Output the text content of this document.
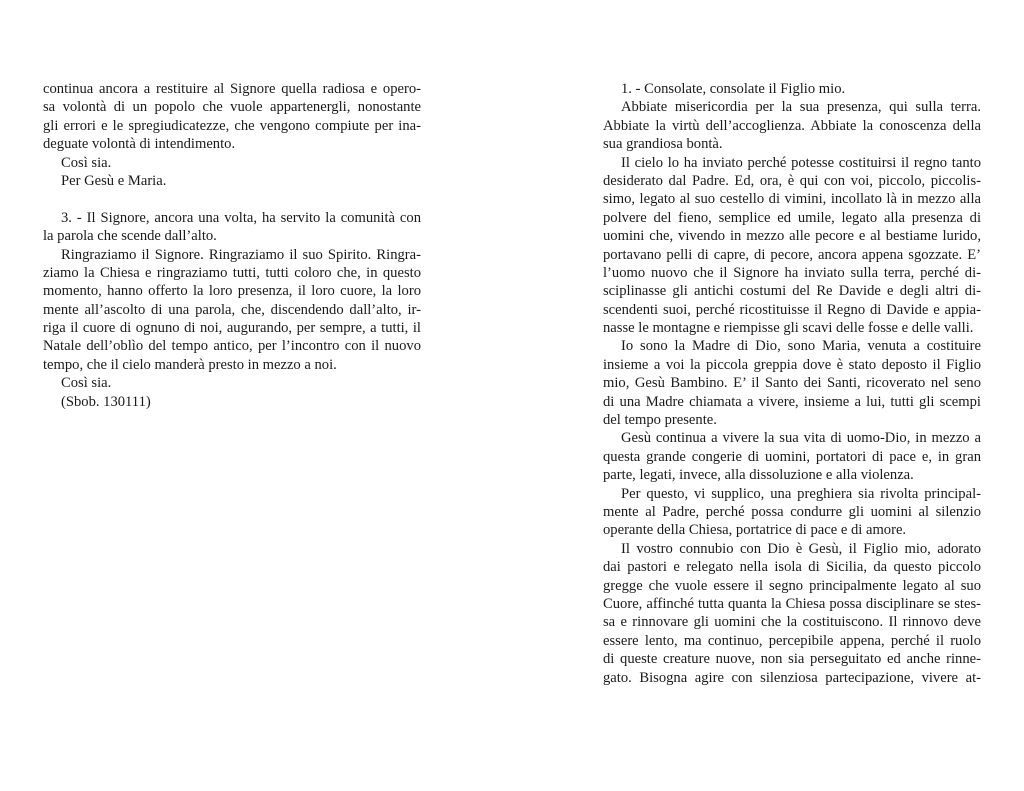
continua ancora a restituire al Signore quella radiosa e opero-
sa volontà di un popolo che vuole appartenergli, nonostante
gli errori e le spregiudicatezze, che vengono compiute per ina-
deguate volontà di intendimento.
Così sia.
Per Gesù e Maria.
3. - Il Signore, ancora una volta, ha servito la comunità con
la parola che scende dall’alto.
Ringraziamo il Signore. Ringraziamo il suo Spirito. Ringra-
ziamo la Chiesa e ringraziamo tutti, tutti coloro che, in questo
momento, hanno offerto la loro presenza, il loro cuore, la loro
mente all’ascolto di una parola, che, discendendo dall’alto, ir-
riga il cuore di ognuno di noi, augurando, per sempre, a tutti, il
Natale dell’oblìo del tempo antico, per l’incontro con il nuovo
tempo, che il cielo manderà presto in mezzo a noi.
Così sia.
(Sbob. 130111)
1. - Consolate, consolate il Figlio mio.
Abbiate misericordia per la sua presenza, qui sulla terra.
Abbiate la virtù dell’accoglienza. Abbiate la conoscenza della
sua grandiosa bontà.
Il cielo lo ha inviato perché potesse costituirsi il regno tanto
desiderato dal Padre. Ed, ora, è qui con voi, piccolo, piccolis-
simo, legato al suo cestello di vimini, incollato là in mezzo alla
polvere del fieno, semplice ed umile, legato alla presenza di
uomini che, vivendo in mezzo alle pecore e al bestiame lurido,
portavano pelli di capre, di pecore, ancora appena sgozzate. E’
l’uomo nuovo che il Signore ha inviato sulla terra, perché di-
sciplinasse gli antichi costumi del Re Davide e degli altri di-
scendenti suoi, perché ricostituisse il Regno di Davide e appia-
nasse le montagne e riempisse gli scavi delle fosse e delle valli.
Io sono la Madre di Dio, sono Maria, venuta a costituire
insieme a voi la piccola greppia dove è stato deposto il Figlio
mio, Gesù Bambino. E’ il Santo dei Santi, ricoverato nel seno
di una Madre chiamata a vivere, insieme a lui, tutti gli scempi
del tempo presente.
Gesù continua a vivere la sua vita di uomo-Dio, in mezzo a
questa grande congerie di uomini, portatori di pace e, in gran
parte, legati, invece, alla dissoluzione e alla violenza.
Per questo, vi supplico, una preghiera sia rivolta principal-
mente al Padre, perché possa condurre gli uomini al silenzio
operante della Chiesa, portatrice di pace e di amore.
Il vostro connubio con Dio è Gesù, il Figlio mio, adorato
dai pastori e relegato nella isola di Sicilia, da questo piccolo
gregge che vuole essere il segno principalmente legato al suo
Cuore, affinché tutta quanta la Chiesa possa disciplinare se stes-
sa e rinnovare gli uomini che la costituiscono. Il rinnovo deve
essere lento, ma continuo, percepibile appena, perché il ruolo
di queste creature nuove, non sia perseguitato ed anche rinne-
gato. Bisogna agire con silenziosa partecipazione, vivere at-
